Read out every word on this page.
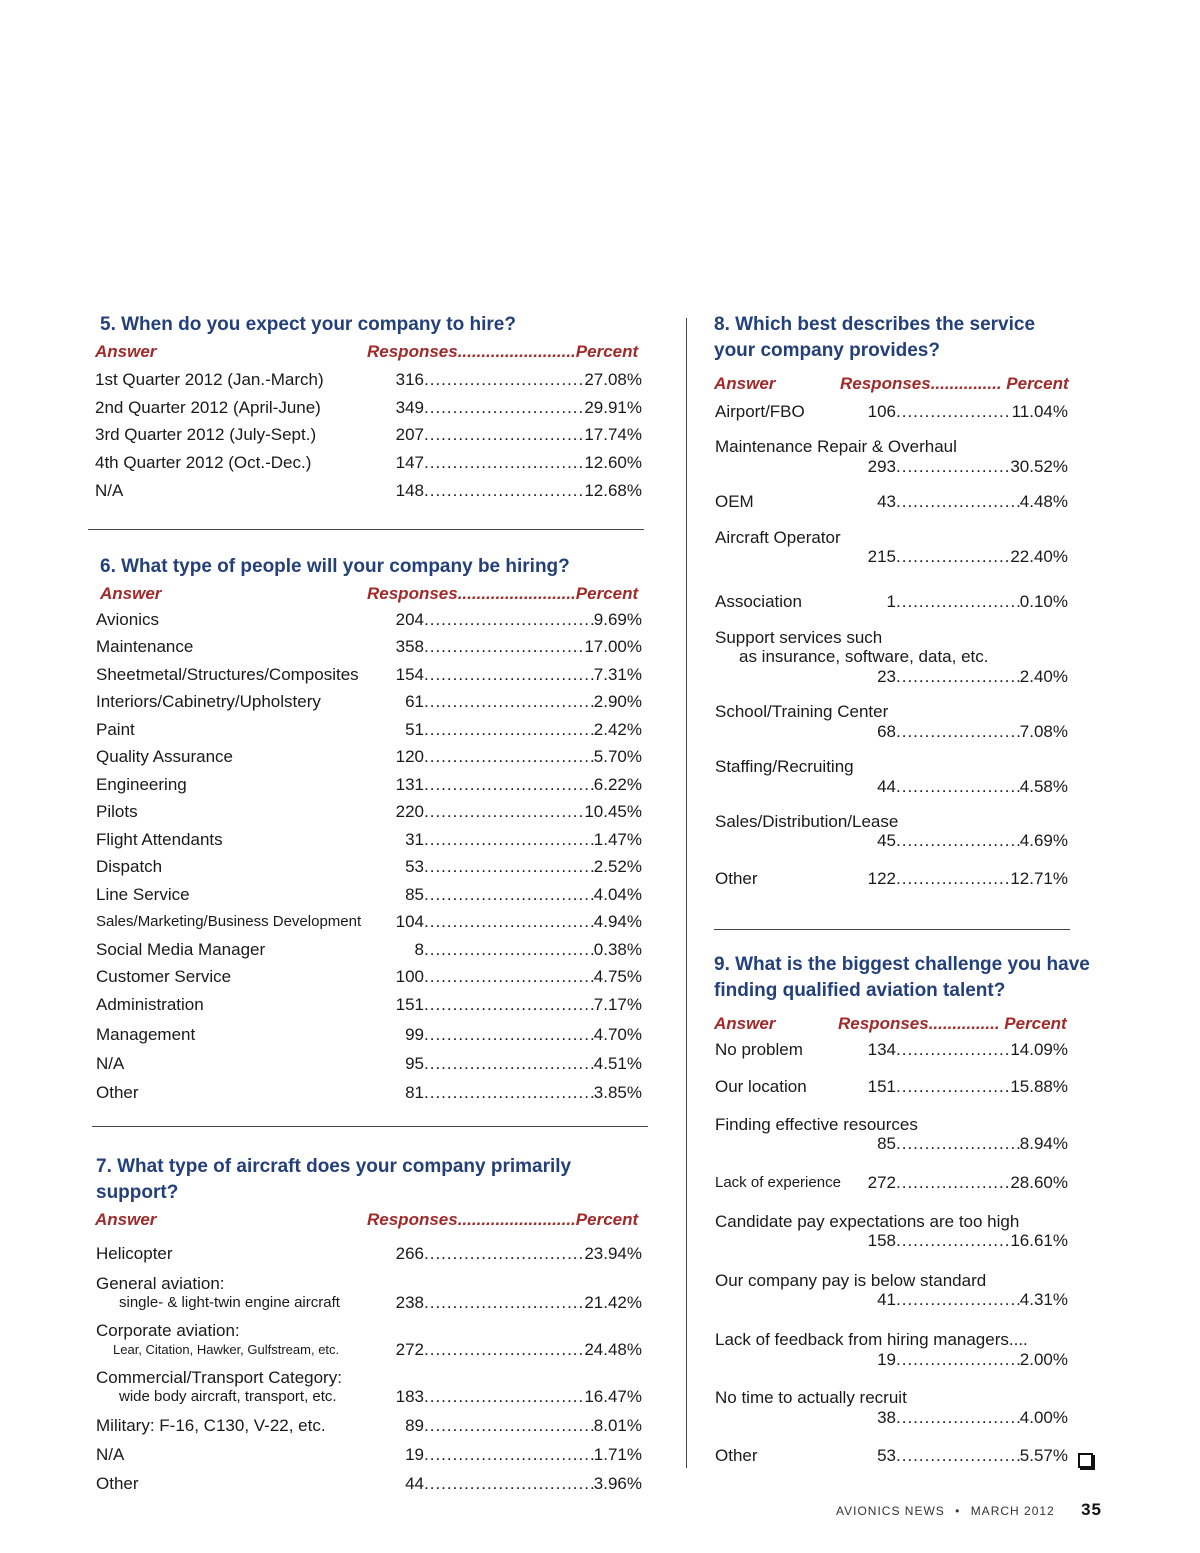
5. When do you expect your company to hire?
Answer	Responses.........................Percent
1st Quarter 2012 (Jan.-March)	316 .....	27.08%
2nd Quarter 2012 (April-June)	349 .....	29.91%
3rd Quarter 2012 (July-Sept.)	207 .....	17.74%
4th Quarter 2012 (Oct.-Dec.)	147 .....	12.60%
N/A	148 .....	12.68%
6. What type of people will your company be hiring?
Answer	Responses.........................Percent
Avionics	204 .....	9.69%
Maintenance	358 .....	17.00%
Sheetmetal/Structures/Composites	154 .....	7.31%
Interiors/Cabinetry/Upholstery	61 .....	2.90%
Paint	51 .....	2.42%
Quality Assurance	120 .....	5.70%
Engineering	131 .....	6.22%
Pilots	220 .....	10.45%
Flight Attendants	31 .....	1.47%
Dispatch	53 .....	2.52%
Line Service	85 .....	4.04%
Sales/Marketing/Business Development	104 .....	4.94%
Social Media Manager	8 .....	0.38%
Customer Service	100 .....	4.75%
Administration	151 .....	7.17%
Management	99 .....	4.70%
N/A	95 .....	4.51%
Other	81 .....	3.85%
7. What type of aircraft does your company primarily support?
Answer	Responses.........................Percent
Helicopter	266 .....	23.94%
General aviation:
single- & light-twin engine aircraft	238 .....	21.42%
Corporate aviation:
Lear, Citation, Hawker, Gulfstream, etc.	272 .....	24.48%
Commercial/Transport Category:
wide body aircraft, transport, etc.	183 .....	16.47%
Military: F-16, C130, V-22, etc.	89 .....	8.01%
N/A	19 .....	1.71%
Other	44 .....	3.96%
8. Which best describes the service
your company provides?
Answer	Responses............... Percent
Airport/FBO	106 .....	11.04%
Maintenance Repair & Overhaul
293 .....	30.52%
OEM	43 .....	4.48%
Aircraft Operator
215 .....	22.40%
Association	1 .....	0.10%
Support services such
as insurance, software, data, etc.
23 .....	2.40%
School/Training Center
68 .....	7.08%
Staffing/Recruiting
44 .....	4.58%
Sales/Distribution/Lease
45 .....	4.69%
Other	122 .....	12.71%
9. What is the biggest challenge you have
finding qualified aviation talent?
Answer	Responses............... Percent
No problem	134 .....	14.09%
Our location	151 .....	15.88%
Finding effective resources
85 .....	8.94%
Lack of experience	272 .....	28.60%
Candidate pay expectations are too high
158 .....	16.61%
Our company pay is below standard
41 .....	4.31%
Lack of feedback from hiring managers....
19 .....	2.00%
No time to actually recruit
38 .....	4.00%
Other	53 .....	5.57%
AVIONICS NEWS • MARCH 2012 35
